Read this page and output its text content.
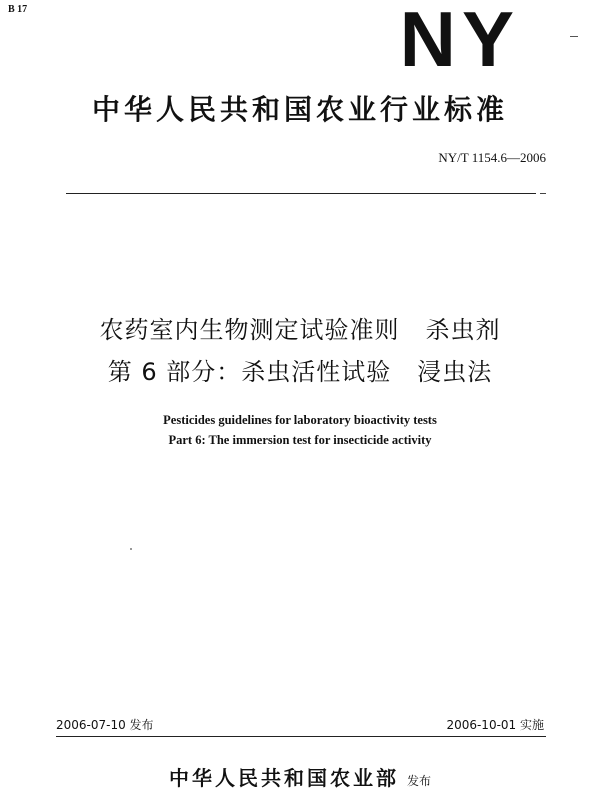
B 17	NY
中华人民共和国农业行业标准
NY/T 1154.6—2006
农药室内生物测定试验准则 杀虫剂
第 6 部分：杀虫活性试验 浸虫法
Pesticides guidelines for laboratory bioactivity tests
Part 6: The immersion test for insecticide activity
2006-07-10 发布	2006-10-01 实施
中华人民共和国农业部 发布
